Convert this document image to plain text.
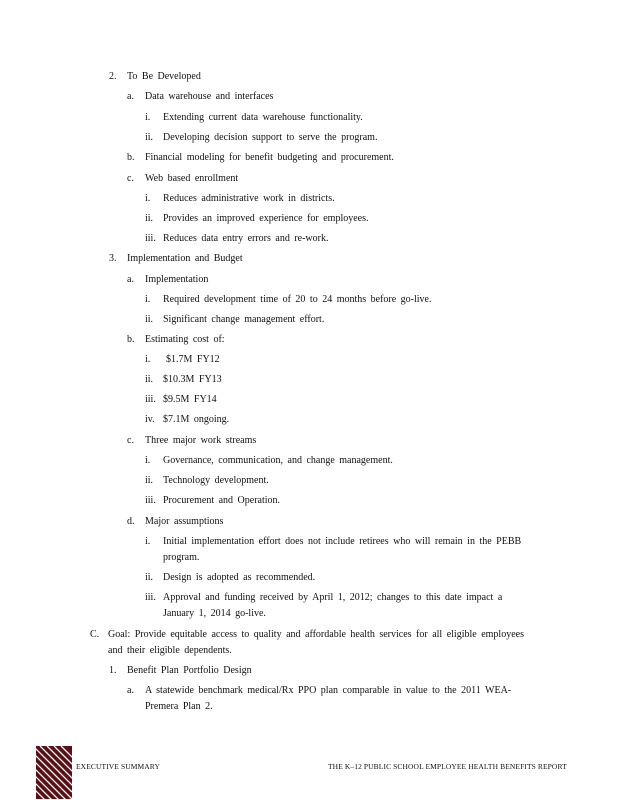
2. To Be Developed
a. Data warehouse and interfaces
i. Extending current data warehouse functionality.
ii. Developing decision support to serve the program.
b. Financial modeling for benefit budgeting and procurement.
c. Web based enrollment
i. Reduces administrative work in districts.
ii. Provides an improved experience for employees.
iii. Reduces data entry errors and re-work.
3. Implementation and Budget
a. Implementation
i. Required development time of 20 to 24 months before go-live.
ii. Significant change management effort.
b. Estimating cost of:
i. $1.7M FY12
ii. $10.3M FY13
iii. $9.5M FY14
iv. $7.1M ongoing.
c. Three major work streams
i. Governance, communication, and change management.
ii. Technology development.
iii. Procurement and Operation.
d. Major assumptions
i. Initial implementation effort does not include retirees who will remain in the PEBB
program.
ii. Design is adopted as recommended.
iii. Approval and funding received by April 1, 2012; changes to this date impact a
January 1, 2014 go-live.
C. Goal: Provide equitable access to quality and affordable health services for all eligible employees
and their eligible dependents.
1. Benefit Plan Portfolio Design
a. A statewide benchmark medical/Rx PPO plan comparable in value to the 2011 WEA-
Premera Plan 2.
EXECUTIVE SUMMARY	THE K–12 PUBLIC SCHOOL EMPLOYEE HEALTH BENEFITS REPORT
